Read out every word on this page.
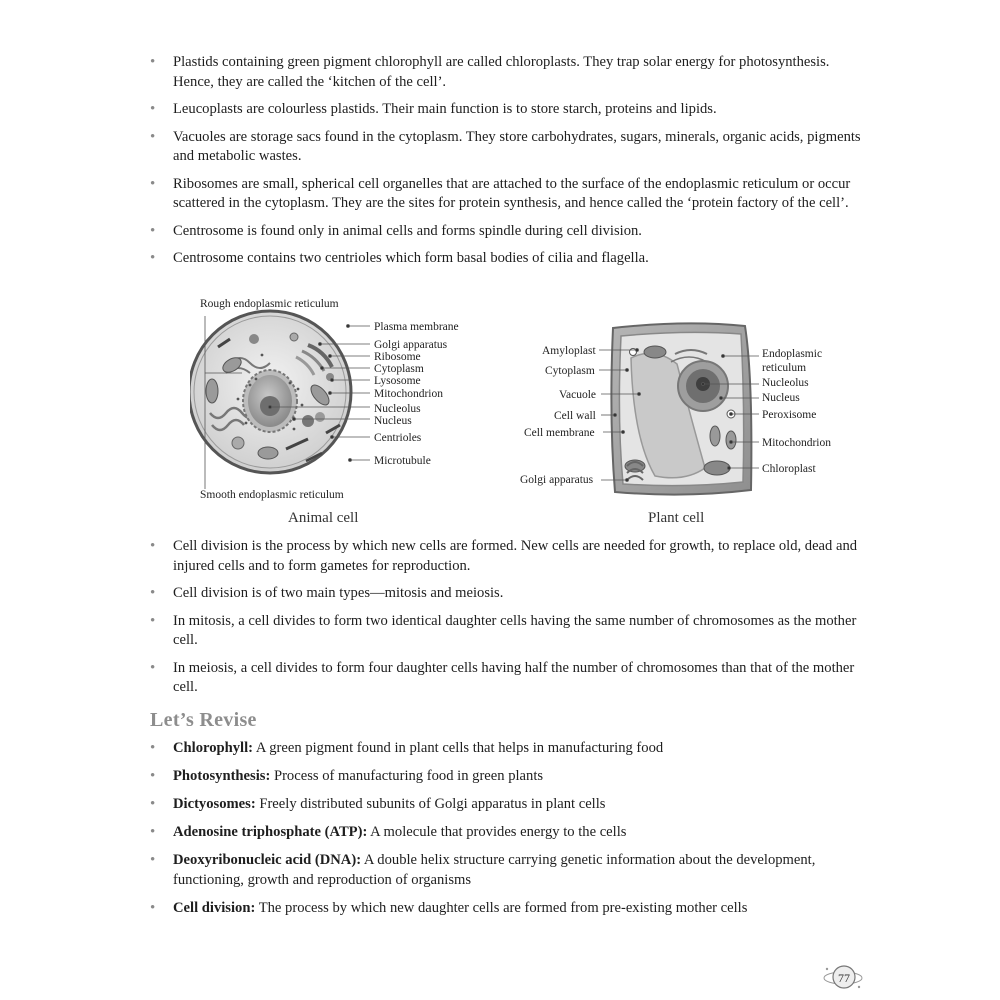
• Plastids containing green pigment chlorophyll are called chloroplasts. They trap solar energy for photosynthesis. Hence, they are called the ‘kitchen of the cell’.
• Leucoplasts are colourless plastids. Their main function is to store starch, proteins and lipids.
• Vacuoles are storage sacs found in the cytoplasm. They store carbohydrates, sugars, minerals, organic acids, pigments and metabolic wastes.
• Ribosomes are small, spherical cell organelles that are attached to the surface of the endoplasmic reticulum or occur scattered in the cytoplasm. They are the sites for protein synthesis, and hence called the ‘protein factory of the cell’.
• Centrosome is found only in animal cells and forms spindle during cell division.
• Centrosome contains two centrioles which form basal bodies of cilia and flagella.
Rough endoplasmic reticulum
Plasma membrane
Golgi apparatus
Ribosome
Cytoplasm
Lysosome
Mitochondrion
Nucleolus
Nucleus
Centrioles
Microtubule
Smooth endoplasmic reticulum
Animal cell
Amyloplast
Cytoplasm
Vacuole
Cell wall
Cell membrane
Golgi apparatus
Endoplasmic
reticulum
Nucleolus
Nucleus
Peroxisome
Mitochondrion
Chloroplast
Plant cell
• Cell division is the process by which new cells are formed. New cells are needed for growth, to replace old, dead and injured cells and to form gametes for reproduction.
• Cell division is of two main types—mitosis and meiosis.
• In mitosis, a cell divides to form two identical daughter cells having the same number of chromosomes as the mother cell.
• In meiosis, a cell divides to form four daughter cells having half the number of chromosomes than that of the mother cell.
Let’s Revise
• Chlorophyll: A green pigment found in plant cells that helps in manufacturing food
• Photosynthesis: Process of manufacturing food in green plants
• Dictyosomes: Freely distributed subunits of Golgi apparatus in plant cells
• Adenosine triphosphate (ATP): A molecule that provides energy to the cells
• Deoxyribonucleic acid (DNA): A double helix structure carrying genetic information about the development, functioning, growth and reproduction of organisms
• Cell division: The process by which new daughter cells are formed from pre-existing mother cells
77
